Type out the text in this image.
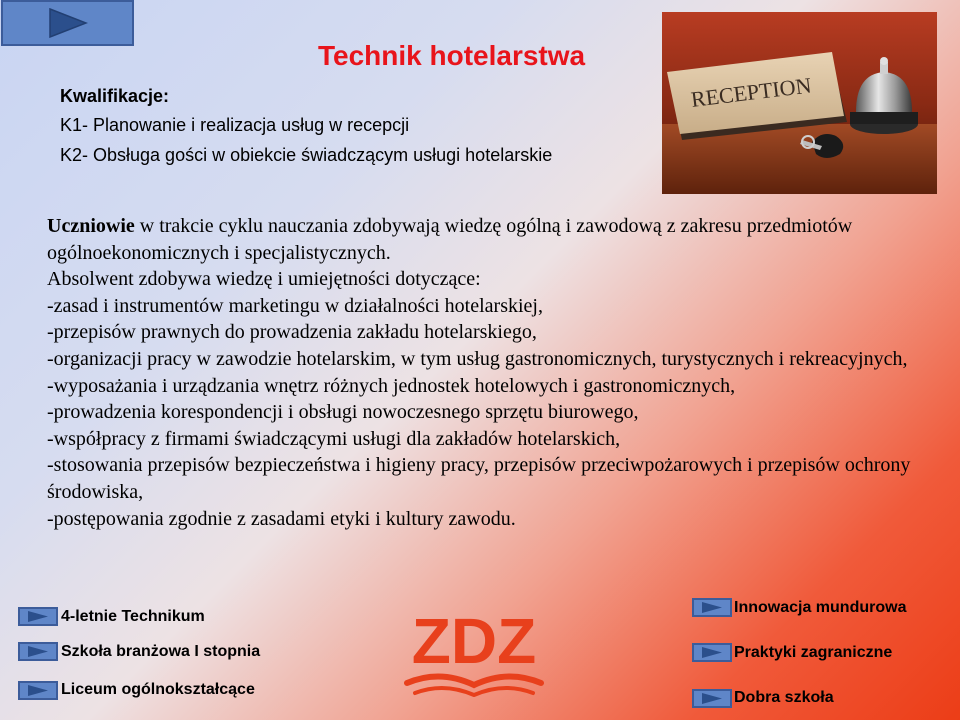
Technik hotelarstwa
Kwalifikacje:
K1- Planowanie i realizacja usług w recepcji
K2- Obsługa gości w obiekcie świadczącym usługi hotelarskie
RECEPTION

Uczniowie w trakcie cyklu nauczania zdobywają wiedzę ogólną i zawodową z zakresu przedmiotów ogólnoekonomicznych i specjalistycznych.

Absolwent zdobywa wiedzę i umiejętności dotyczące:

-zasad i instrumentów marketingu w działalności hotelarskiej,

-przepisów prawnych do prowadzenia zakładu hotelarskiego,

-organizacji pracy w zawodzie hotelarskim, w tym usług gastronomicznych, turystycznych i rekreacyjnych,

-wyposażania i urządzania wnętrz różnych jednostek hotelowych i gastronomicznych,

-prowadzenia korespondencji i obsługi nowoczesnego sprzętu biurowego,

-współpracy z firmami świadczącymi usługi dla zakładów hotelarskich,

-stosowania przepisów bezpieczeństwa i higieny pracy, przepisów przeciwpożarowych i przepisów ochrony środowiska,

-postępowania zgodnie z zasadami etyki i kultury zawodu.

4-letnie Technikum
Szkoła branżowa I stopnia
Liceum ogólnokształcące
ZDZ	Innowacja mundurowa
Praktyki zagraniczne
Dobra szkoła
